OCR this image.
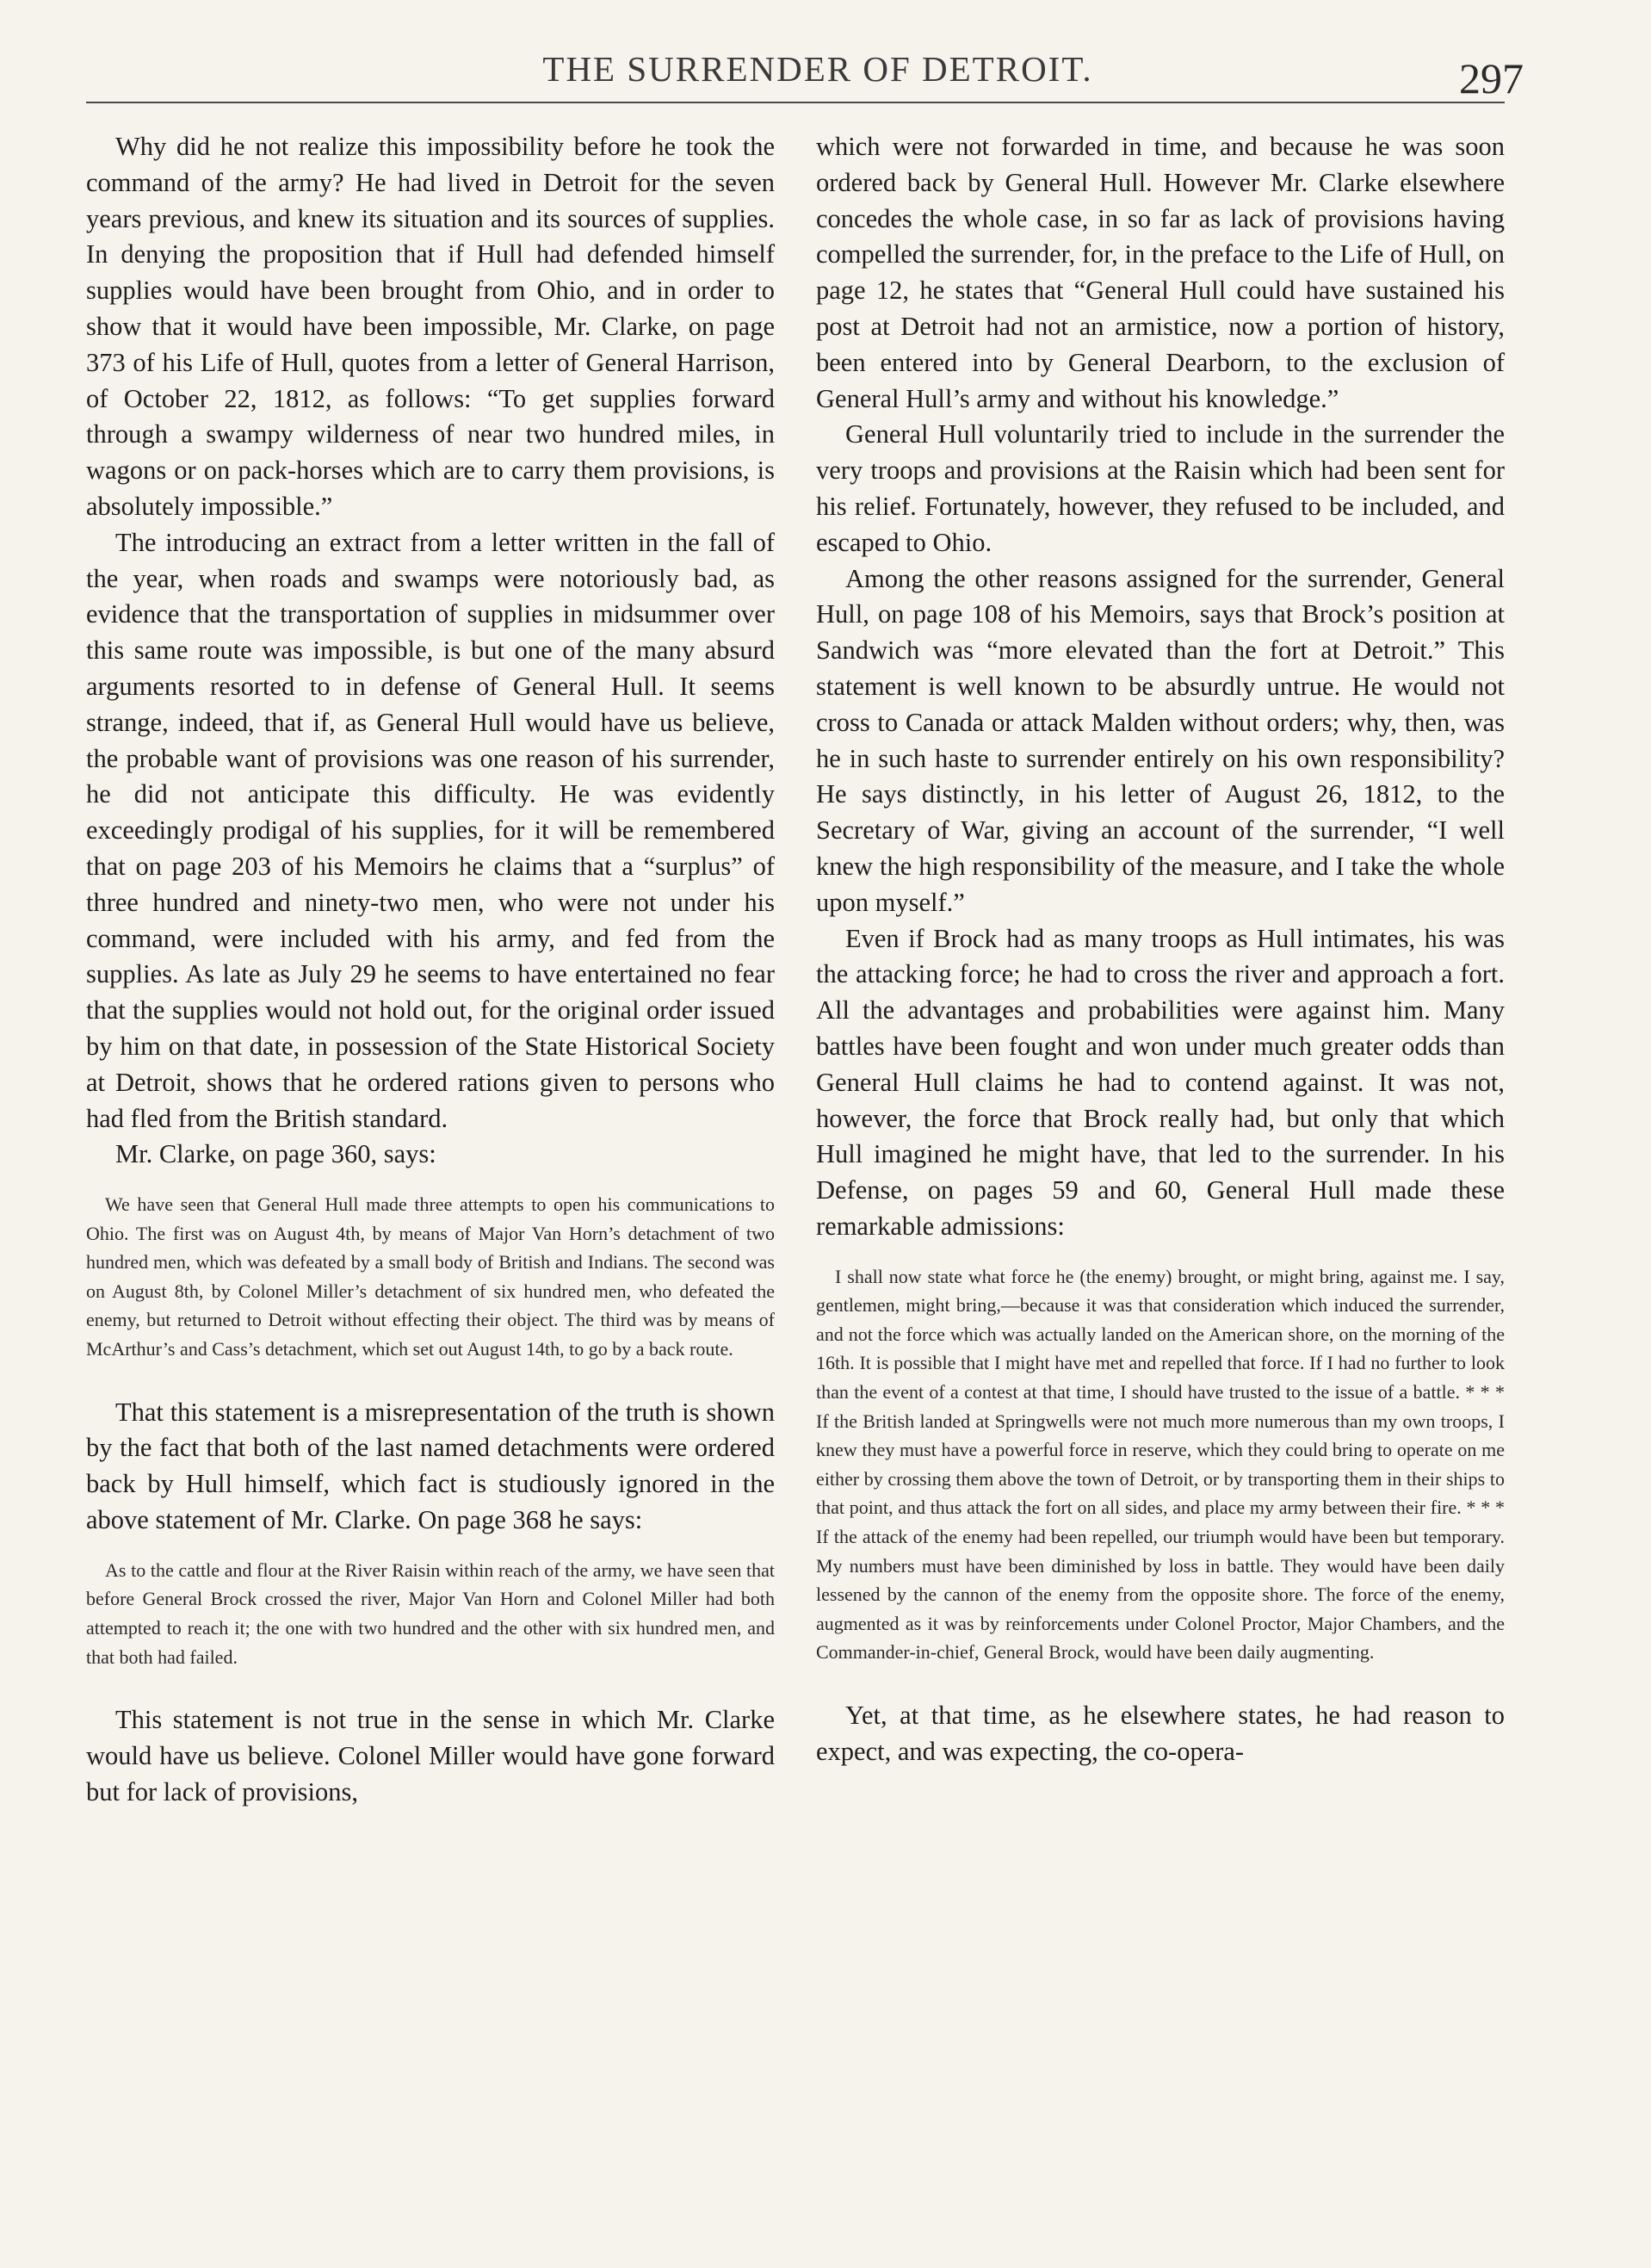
THE SURRENDER OF DETROIT.	297

Why did he not realize this impossibility before he took the command of the army? He had lived in Detroit for the seven years previous, and knew its situation and its sources of supplies. In denying the proposition that if Hull had defended himself supplies would have been brought from Ohio, and in order to show that it would have been impossible, Mr. Clarke, on page 373 of his Life of Hull, quotes from a letter of General Harrison, of October 22, 1812, as follows: “To get supplies forward through a swampy wilderness of near two hundred miles, in wagons or on pack-horses which are to carry them provisions, is absolutely impossible.”

The introducing an extract from a letter written in the fall of the year, when roads and swamps were notoriously bad, as evidence that the transportation of supplies in midsummer over this same route was impossible, is but one of the many absurd arguments resorted to in defense of General Hull. It seems strange, indeed, that if, as General Hull would have us believe, the probable want of provisions was one reason of his surrender, he did not anticipate this difficulty. He was evidently exceedingly prodigal of his supplies, for it will be remembered that on page 203 of his Memoirs he claims that a “surplus” of three hundred and ninety-two men, who were not under his command, were included with his army, and fed from the supplies. As late as July 29 he seems to have entertained no fear that the supplies would not hold out, for the original order issued by him on that date, in possession of the State Historical Society at Detroit, shows that he ordered rations given to persons who had fled from the British standard.

Mr. Clarke, on page 360, says:

We have seen that General Hull made three attempts to open his communications to Ohio. The first was on August 4th, by means of Major Van Horn’s detachment of two hundred men, which was defeated by a small body of British and Indians. The second was on August 8th, by Colonel Miller’s detachment of six hundred men, who defeated the enemy, but returned to Detroit without effecting their object. The third was by means of McArthur’s and Cass’s detachment, which set out August 14th, to go by a back route.

That this statement is a misrepresentation of the truth is shown by the fact that both of the last named detachments were ordered back by Hull himself, which fact is studiously ignored in the above statement of Mr. Clarke. On page 368 he says:

As to the cattle and flour at the River Raisin within reach of the army, we have seen that before General Brock crossed the river, Major Van Horn and Colonel Miller had both attempted to reach it; the one with two hundred and the other with six hundred men, and that both had failed.

This statement is not true in the sense in which Mr. Clarke would have us believe. Colonel Miller would have gone forward but for lack of provisions,

which were not forwarded in time, and because he was soon ordered back by General Hull. However Mr. Clarke elsewhere concedes the whole case, in so far as lack of provisions having compelled the surrender, for, in the preface to the Life of Hull, on page 12, he states that “General Hull could have sustained his post at Detroit had not an armistice, now a portion of history, been entered into by General Dearborn, to the exclusion of General Hull’s army and without his knowledge.”

General Hull voluntarily tried to include in the surrender the very troops and provisions at the Raisin which had been sent for his relief. Fortunately, however, they refused to be included, and escaped to Ohio.

Among the other reasons assigned for the surrender, General Hull, on page 108 of his Memoirs, says that Brock’s position at Sandwich was “more elevated than the fort at Detroit.” This statement is well known to be absurdly untrue. He would not cross to Canada or attack Malden without orders; why, then, was he in such haste to surrender entirely on his own responsibility? He says distinctly, in his letter of August 26, 1812, to the Secretary of War, giving an account of the surrender, “I well knew the high responsibility of the measure, and I take the whole upon myself.”

Even if Brock had as many troops as Hull intimates, his was the attacking force; he had to cross the river and approach a fort. All the advantages and probabilities were against him. Many battles have been fought and won under much greater odds than General Hull claims he had to contend against. It was not, however, the force that Brock really had, but only that which Hull imagined he might have, that led to the surrender. In his Defense, on pages 59 and 60, General Hull made these remarkable admissions:

I shall now state what force he (the enemy) brought, or might bring, against me. I say, gentlemen, might bring,—because it was that consideration which induced the surrender, and not the force which was actually landed on the American shore, on the morning of the 16th. It is possible that I might have met and repelled that force. If I had no further to look than the event of a contest at that time, I should have trusted to the issue of a battle. * * * If the British landed at Springwells were not much more numerous than my own troops, I knew they must have a powerful force in reserve, which they could bring to operate on me either by crossing them above the town of Detroit, or by transporting them in their ships to that point, and thus attack the fort on all sides, and place my army between their fire. * * * If the attack of the enemy had been repelled, our triumph would have been but temporary. My numbers must have been diminished by loss in battle. They would have been daily lessened by the cannon of the enemy from the opposite shore. The force of the enemy, augmented as it was by reinforcements under Colonel Proctor, Major Chambers, and the Commander-in-chief, General Brock, would have been daily augmenting.

Yet, at that time, as he elsewhere states, he had reason to expect, and was expecting, the co-opera-
